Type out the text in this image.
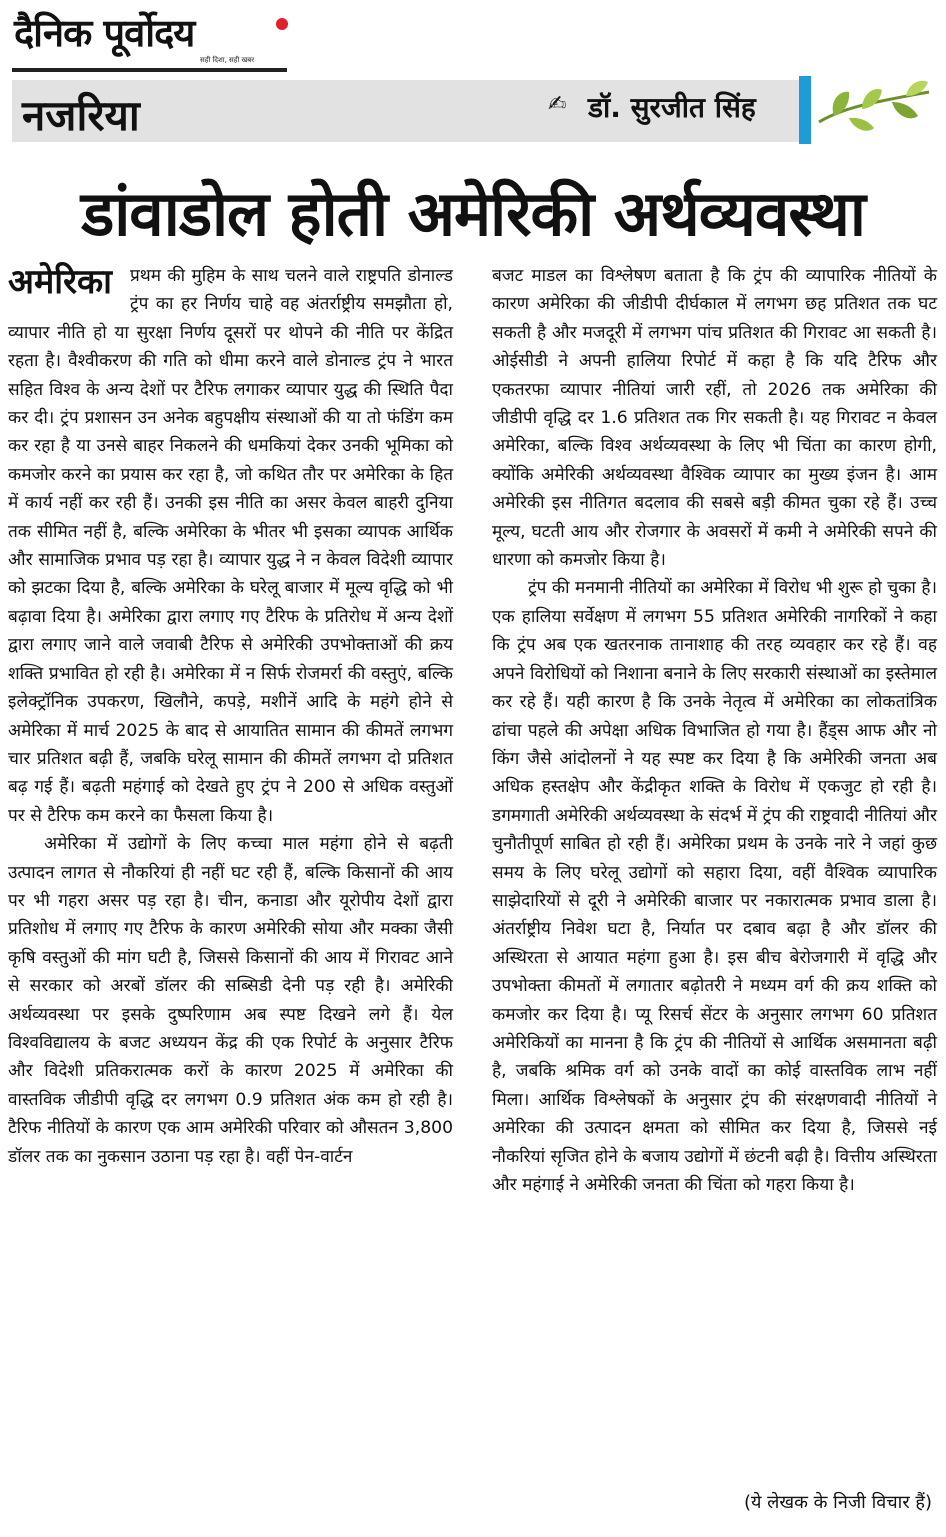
दैनिक पूर्वोदय
सही दिशा, सही खबर
नजरिया	✍ डॉ. सुरजीत सिंह
डांवाडोल होती अमेरिकी अर्थव्यवस्था

अमेरिका प्रथम की मुहिम के साथ चलने वाले राष्ट्रपति डोनाल्ड ट्रंप का हर निर्णय चाहे वह अंतर्राष्ट्रीय समझौता हो, व्यापार नीति हो या सुरक्षा निर्णय दूसरों पर थोपने की नीति पर केंद्रित रहता है। वैश्वीकरण की गति को धीमा करने वाले डोनाल्ड ट्रंप ने भारत सहित विश्व के अन्य देशों पर टैरिफ लगाकर व्यापार युद्ध की स्थिति पैदा कर दी। ट्रंप प्रशासन उन अनेक बहुपक्षीय संस्थाओं की या तो फंडिंग कम कर रहा है या उनसे बाहर निकलने की धमकियां देकर उनकी भूमिका को कमजोर करने का प्रयास कर रहा है, जो कथित तौर पर अमेरिका के हित में कार्य नहीं कर रही हैं। उनकी इस नीति का असर केवल बाहरी दुनिया तक सीमित नहीं है, बल्कि अमेरिका के भीतर भी इसका व्यापक आर्थिक और सामाजिक प्रभाव पड़ रहा है। व्यापार युद्ध ने न केवल विदेशी व्यापार को झटका दिया है, बल्कि अमेरिका के घरेलू बाजार में मूल्य वृद्धि को भी बढ़ावा दिया है। अमेरिका द्वारा लगाए गए टैरिफ के प्रतिरोध में अन्य देशों द्वारा लगाए जाने वाले जवाबी टैरिफ से अमेरिकी उपभोक्ताओं की क्रय शक्ति प्रभावित हो रही है। अमेरिका में न सिर्फ रोजमर्रा की वस्तुएं, बल्कि इलेक्ट्रॉनिक उपकरण, खिलौने, कपड़े, मशीनें आदि के महंगे होने से अमेरिका में मार्च 2025 के बाद से आयातित सामान की कीमतें लगभग चार प्रतिशत बढ़ी हैं, जबकि घरेलू सामान की कीमतें लगभग दो प्रतिशत बढ़ गई हैं। बढ़ती महंगाई को देखते हुए ट्रंप ने 200 से अधिक वस्तुओं पर से टैरिफ कम करने का फैसला किया है।

अमेरिका में उद्योगों के लिए कच्चा माल महंगा होने से बढ़ती उत्पादन लागत से नौकरियां ही नहीं घट रही हैं, बल्कि किसानों की आय पर भी गहरा असर पड़ रहा है। चीन, कनाडा और यूरोपीय देशों द्वारा प्रतिशोध में लगाए गए टैरिफ के कारण अमेरिकी सोया और मक्का जैसी कृषि वस्तुओं की मांग घटी है, जिससे किसानों की आय में गिरावट आने से सरकार को अरबों डॉलर की सब्सिडी देनी पड़ रही है। अमेरिकी अर्थव्यवस्था पर इसके दुष्परिणाम अब स्पष्ट दिखने लगे हैं। येल विश्वविद्यालय के बजट अध्ययन केंद्र की एक रिपोर्ट के अनुसार टैरिफ और विदेशी प्रतिकरात्मक करों के कारण 2025 में अमेरिका की वास्तविक जीडीपी वृद्धि दर लगभग 0.9 प्रतिशत अंक कम हो रही है। टैरिफ नीतियों के कारण एक आम अमेरिकी परिवार को औसतन 3,800 डॉलर तक का नुकसान उठाना पड़ रहा है। वहीं पेन-वार्टन

बजट माडल का विश्लेषण बताता है कि ट्रंप की व्यापारिक नीतियों के कारण अमेरिका की जीडीपी दीर्घकाल में लगभग छह प्रतिशत तक घट सकती है और मजदूरी में लगभग पांच प्रतिशत की गिरावट आ सकती है। ओईसीडी ने अपनी हालिया रिपोर्ट में कहा है कि यदि टैरिफ और एकतरफा व्यापार नीतियां जारी रहीं, तो 2026 तक अमेरिका की जीडीपी वृद्धि दर 1.6 प्रतिशत तक गिर सकती है। यह गिरावट न केवल अमेरिका, बल्कि विश्व अर्थव्यवस्था के लिए भी चिंता का कारण होगी, क्योंकि अमेरिकी अर्थव्यवस्था वैश्विक व्यापार का मुख्य इंजन है। आम अमेरिकी इस नीतिगत बदलाव की सबसे बड़ी कीमत चुका रहे हैं। उच्च मूल्य, घटती आय और रोजगार के अवसरों में कमी ने अमेरिकी सपने की धारणा को कमजोर किया है।

ट्रंप की मनमानी नीतियों का अमेरिका में विरोध भी शुरू हो चुका है। एक हालिया सर्वेक्षण में लगभग 55 प्रतिशत अमेरिकी नागरिकों ने कहा कि ट्रंप अब एक खतरनाक तानाशाह की तरह व्यवहार कर रहे हैं। वह अपने विरोधियों को निशाना बनाने के लिए सरकारी संस्थाओं का इस्तेमाल कर रहे हैं। यही कारण है कि उनके नेतृत्व में अमेरिका का लोकतांत्रिक ढांचा पहले की अपेक्षा अधिक विभाजित हो गया है। हैंड्स आफ और नो किंग जैसे आंदोलनों ने यह स्पष्ट कर दिया है कि अमेरिकी जनता अब अधिक हस्तक्षेप और केंद्रीकृत शक्ति के विरोध में एकजुट हो रही है। डगमगाती अमेरिकी अर्थव्यवस्था के संदर्भ में ट्रंप की राष्ट्रवादी नीतियां और चुनौतीपूर्ण साबित हो रही हैं। अमेरिका प्रथम के उनके नारे ने जहां कुछ समय के लिए घरेलू उद्योगों को सहारा दिया, वहीं वैश्विक व्यापारिक साझेदारियों से दूरी ने अमेरिकी बाजार पर नकारात्मक प्रभाव डाला है। अंतर्राष्ट्रीय निवेश घटा है, निर्यात पर दबाव बढ़ा है और डॉलर की अस्थिरता से आयात महंगा हुआ है। इस बीच बेरोजगारी में वृद्धि और उपभोक्ता कीमतों में लगातार बढ़ोतरी ने मध्यम वर्ग की क्रय शक्ति को कमजोर कर दिया है। प्यू रिसर्च सेंटर के अनुसार लगभग 60 प्रतिशत अमेरिकियों का मानना है कि ट्रंप की नीतियों से आर्थिक असमानता बढ़ी है, जबकि श्रमिक वर्ग को उनके वादों का कोई वास्तविक लाभ नहीं मिला। आर्थिक विश्लेषकों के अनुसार ट्रंप की संरक्षणवादी नीतियों ने अमेरिका की उत्पादन क्षमता को सीमित कर दिया है, जिससे नई नौकरियां सृजित होने के बजाय उद्योगों में छंटनी बढ़ी है। वित्तीय अस्थिरता और महंगाई ने अमेरिकी जनता की चिंता को गहरा किया है।

(ये लेखक के निजी विचार हैं)
